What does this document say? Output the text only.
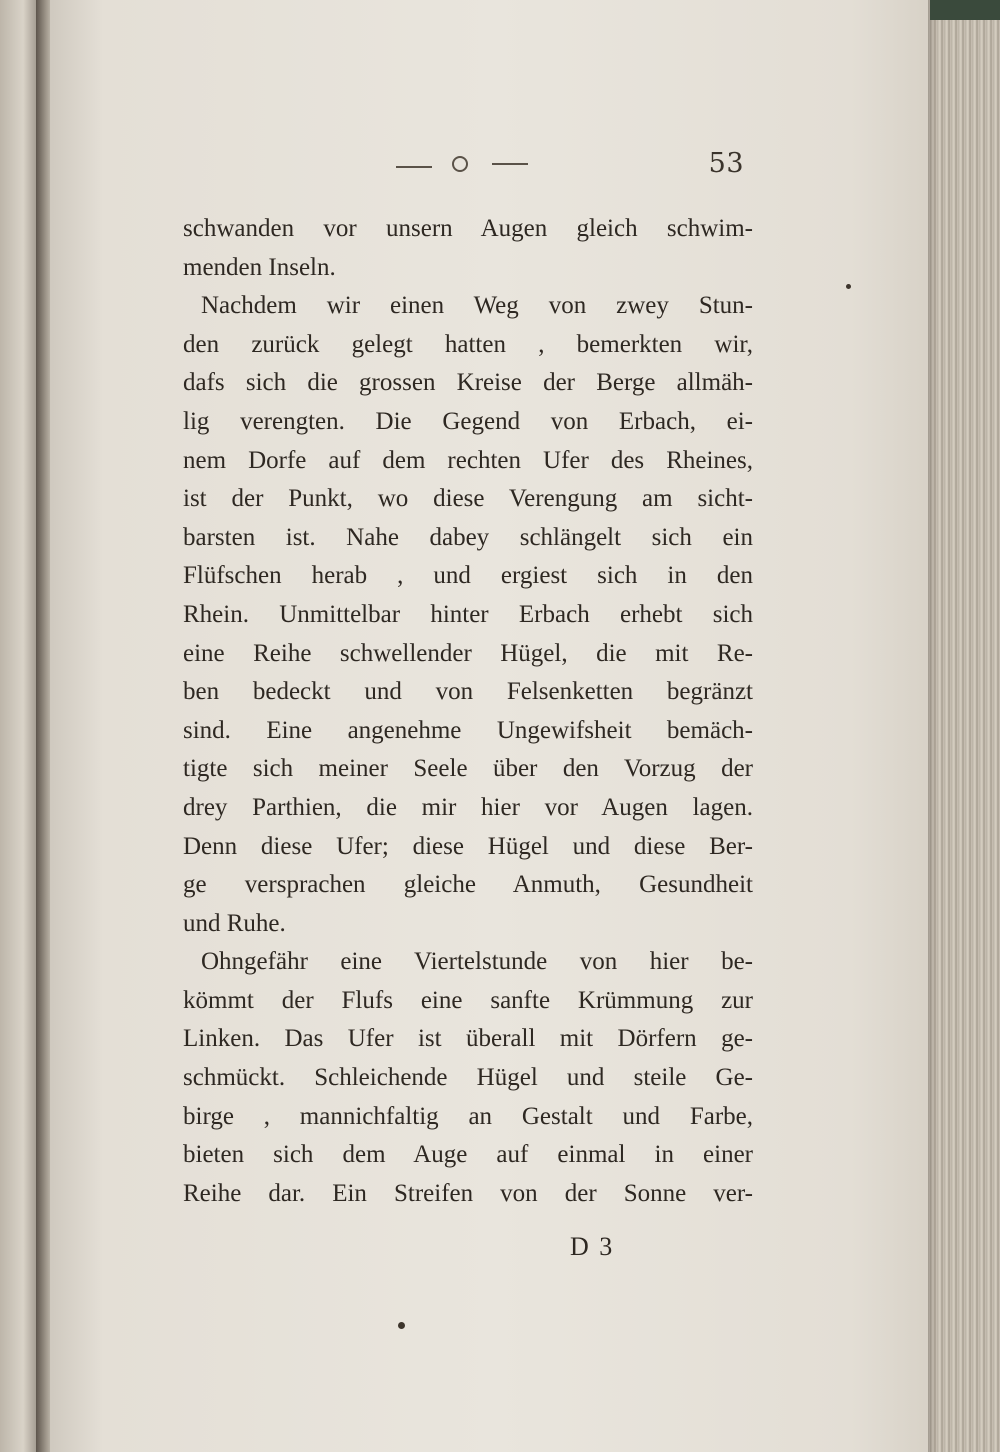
53
schwanden vor unsern Augen gleich schwim-
menden Inseln.
Nachdem wir einen Weg von zwey Stun-
den zurück gelegt hatten , bemerkten wir,
dafs sich die grossen Kreise der Berge allmäh-
lig verengten. Die Gegend von Erbach, ei-
nem Dorfe auf dem rechten Ufer des Rheines,
ist der Punkt, wo diese Verengung am sicht-
barsten ist. Nahe dabey schlängelt sich ein
Flüfschen herab , und ergiest sich in den
Rhein. Unmittelbar hinter Erbach erhebt sich
eine Reihe schwellender Hügel, die mit Re-
ben bedeckt und von Felsenketten begränzt
sind. Eine angenehme Ungewifsheit bemäch-
tigte sich meiner Seele über den Vorzug der
drey Parthien, die mir hier vor Augen lagen.
Denn diese Ufer; diese Hügel und diese Ber-
ge versprachen gleiche Anmuth, Gesundheit
und Ruhe.
Ohngefähr eine Viertelstunde von hier be-
kömmt der Flufs eine sanfte Krümmung zur
Linken. Das Ufer ist überall mit Dörfern ge-
schmückt. Schleichende Hügel und steile Ge-
birge , mannichfaltig an Gestalt und Farbe,
bieten sich dem Auge auf einmal in einer
Reihe dar. Ein Streifen von der Sonne ver-
D 3
